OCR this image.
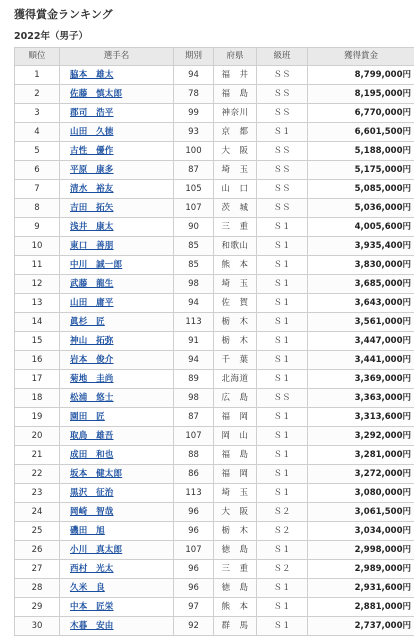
獲得賞金ランキング
2022年（男子）
順位	選手名	期別	府県	級班	獲得賞金
1	脇本　雄太	94	福　井	ＳＳ	8,799,000円
2	佐藤　慎太郎	78	福　島	ＳＳ	8,195,000円
3	郡司　浩平	99	神奈川	ＳＳ	6,770,000円
4	山田　久徳	93	京　都	Ｓ１	6,601,500円
5	古性　優作	100	大　阪	ＳＳ	5,188,000円
6	平原　康多	87	埼　玉	ＳＳ	5,175,000円
7	清水　裕友	105	山　口	ＳＳ	5,085,000円
8	吉田　拓矢	107	茨　城	ＳＳ	5,036,000円
9	浅井　康太	90	三　重	Ｓ１	4,005,600円
10	東口　善朋	85	和歌山	Ｓ１	3,935,400円
11	中川　誠一郎	85	熊　本	Ｓ１	3,830,000円
12	武藤　龍生	98	埼　玉	Ｓ１	3,685,000円
13	山田　庸平	94	佐　賀	Ｓ１	3,643,000円
14	眞杉　匠	113	栃　木	Ｓ１	3,561,000円
15	神山　拓弥	91	栃　木	Ｓ１	3,447,000円
16	岩本　俊介	94	千　葉	Ｓ１	3,441,000円
17	菊地　圭尚	89	北海道	Ｓ１	3,369,000円
18	松浦　悠士	98	広　島	ＳＳ	3,363,000円
19	園田　匠	87	福　岡	Ｓ１	3,313,600円
20	取鳥　雄吾	107	岡　山	Ｓ１	3,292,000円
21	成田　和也	88	福　島	Ｓ１	3,281,000円
22	坂本　健太郎	86	福　岡	Ｓ１	3,272,000円
23	黒沢　征治	113	埼　玉	Ｓ１	3,080,000円
24	岡崎　智哉	96	大　阪	Ｓ２	3,061,500円
25	磯田　旭	96	栃　木	Ｓ２	3,034,000円
26	小川　真太郎	107	徳　島	Ｓ１	2,998,000円
27	西村　光太	96	三　重	Ｓ２	2,989,000円
28	久米　良	96	徳　島	Ｓ１	2,931,600円
29	中本　匠栄	97	熊　本	Ｓ１	2,881,000円
30	木暮　安由	92	群　馬	Ｓ１	2,737,000円
